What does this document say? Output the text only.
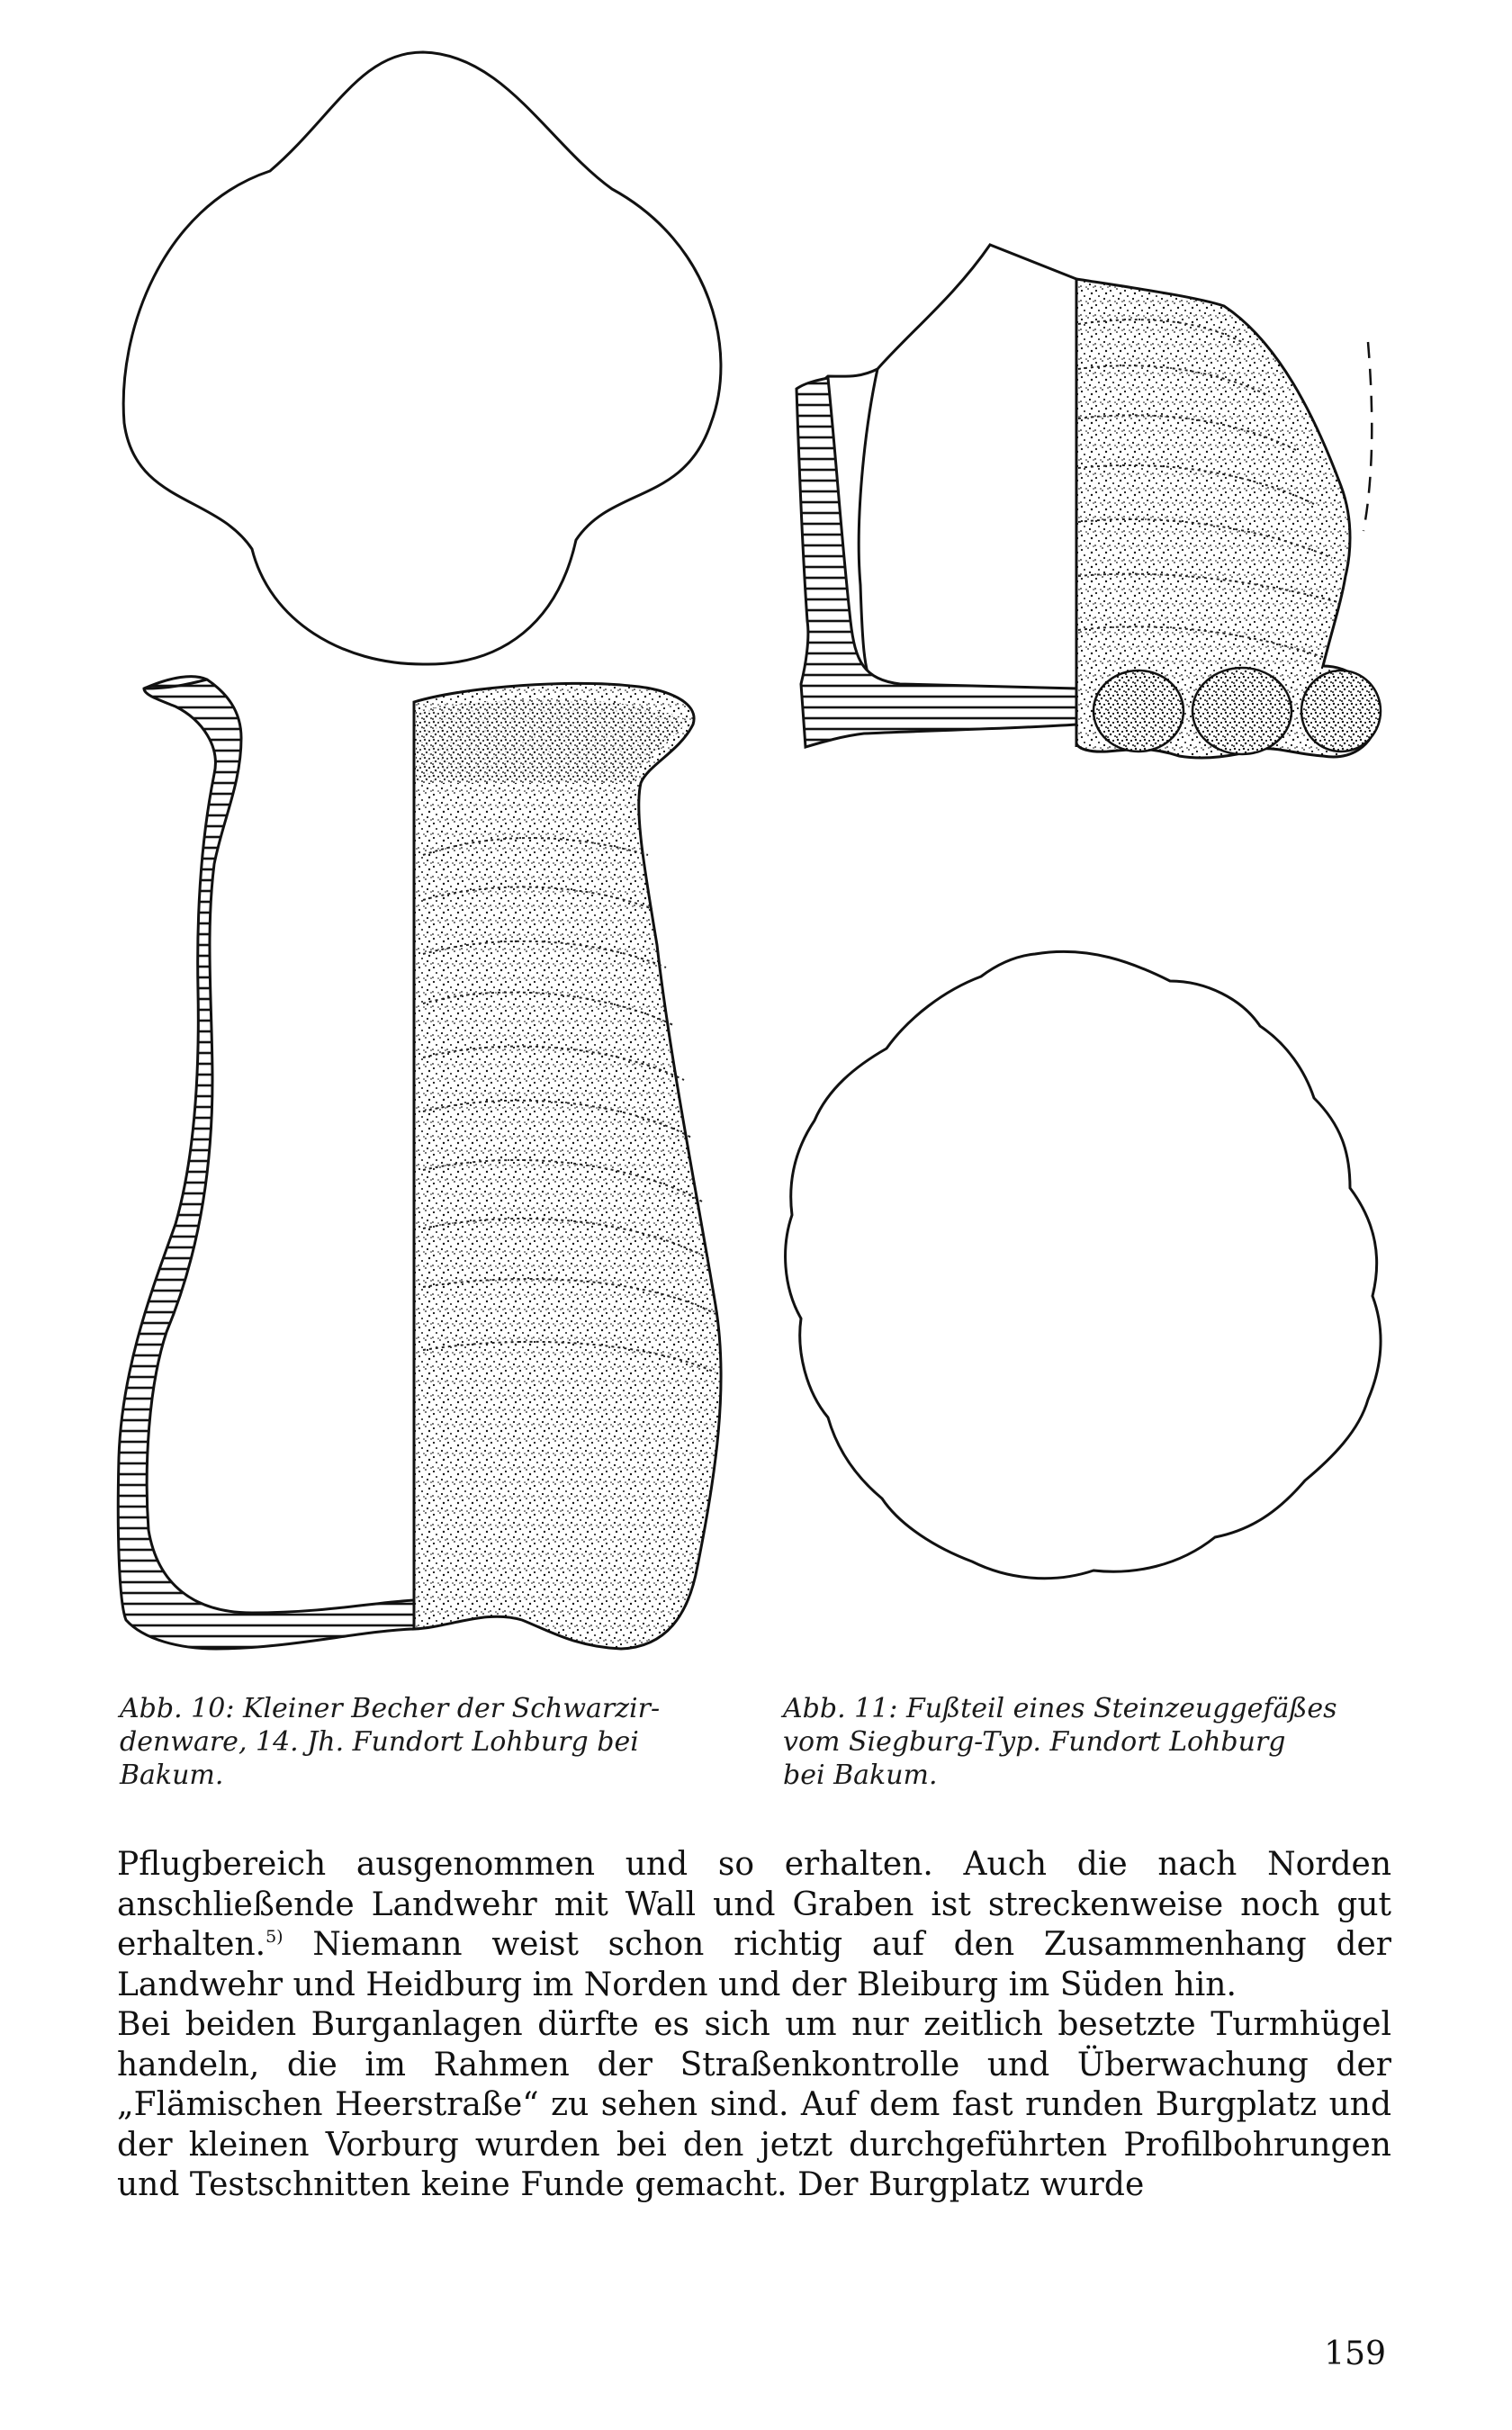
Abb. 10: Kleiner Becher der Schwarzir-
denware, 14. Jh. Fundort Lohburg bei
Bakum.
Abb. 11: Fußteil eines Steinzeuggefäßes
vom Siegburg-Typ. Fundort Lohburg
bei Bakum.

Pflugbereich ausgenommen und so erhalten. Auch die nach Norden anschließende Landwehr mit Wall und Graben ist streckenweise noch gut erhalten.$^{5)}$ Niemann weist schon richtig auf den Zusammenhang der Landwehr und Heidburg im Norden und der Bleiburg im Süden hin.

Bei beiden Burganlagen dürfte es sich um nur zeitlich besetzte Turmhügel handeln, die im Rahmen der Straßenkontrolle und Überwachung der „Flämischen Heerstraße“ zu sehen sind. Auf dem fast runden Burgplatz und der kleinen Vorburg wurden bei den jetzt durchgeführten Profilbohrungen und Testschnitten keine Funde gemacht. Der Burgplatz wurde

159
